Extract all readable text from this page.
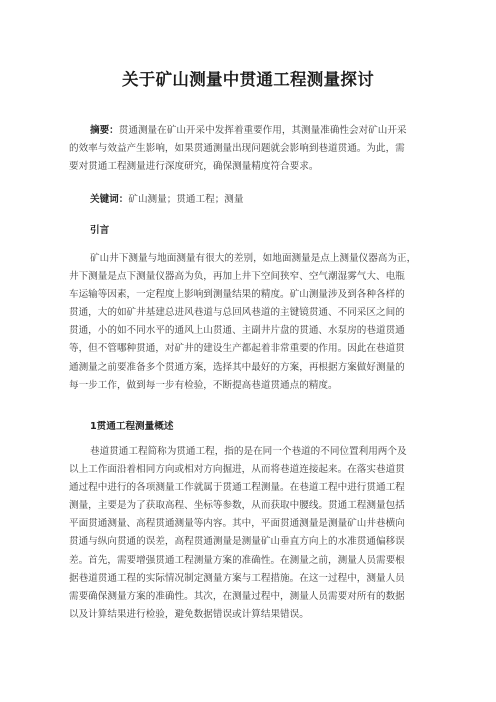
关于矿山测量中贯通工程测量探讨
摘要：贯通测量在矿山开采中发挥着重要作用，其测量准确性会对矿山开采
的效率与效益产生影响，如果贯通测量出现问题就会影响到巷道贯通。为此，需
要对贯通工程测量进行深度研究，确保测量精度符合要求。
关键词：矿山测量；贯通工程；测量
引言
矿山井下测量与地面测量有很大的差别，如地面测量是点上测量仪器高为正，
井下测量是点下测量仪器高为负，再加上井下空间狭窄、空气潮湿雾气大、电瓶
车运输等因素，一定程度上影响到测量结果的精度。矿山测量涉及到各种各样的
贯通，大的如矿井基建总进风巷道与总回风巷道的主键镜贯通、不同采区之间的
贯通，小的如不同水平的通风上山贯通、主副井片盘的贯通、水泵房的巷道贯通
等，但不管哪种贯通，对矿井的建设生产都起着非常重要的作用。因此在巷道贯
通测量之前要准备多个贯通方案，选择其中最好的方案，再根据方案做好测量的
每一步工作，做到每一步有检验，不断提高巷道贯通点的精度。
1贯通工程测量概述
巷道贯通工程简称为贯通工程，指的是在同一个巷道的不同位置利用两个及
以上工作面沿着相同方向或相对方向掘进，从而将巷道连接起来。在落实巷道贯
通过程中进行的各项测量工作就属于贯通工程测量。在巷道工程中进行贯通工程
测量，主要是为了获取高程、坐标等参数，从而获取中腰线。贯通工程测量包括
平面贯通测量、高程贯通测量等内容。其中，平面贯通测量是测量矿山井巷横向
贯通与纵向贯通的误差，高程贯通测量是测量矿山垂直方向上的水准贯通偏移误
差。首先，需要增强贯通工程测量方案的准确性。在测量之前，测量人员需要根
据巷道贯通工程的实际情况制定测量方案与工程措施。在这一过程中，测量人员
需要确保测量方案的准确性。其次，在测量过程中，测量人员需要对所有的数据
以及计算结果进行检验，避免数据错误或计算结果错误。
